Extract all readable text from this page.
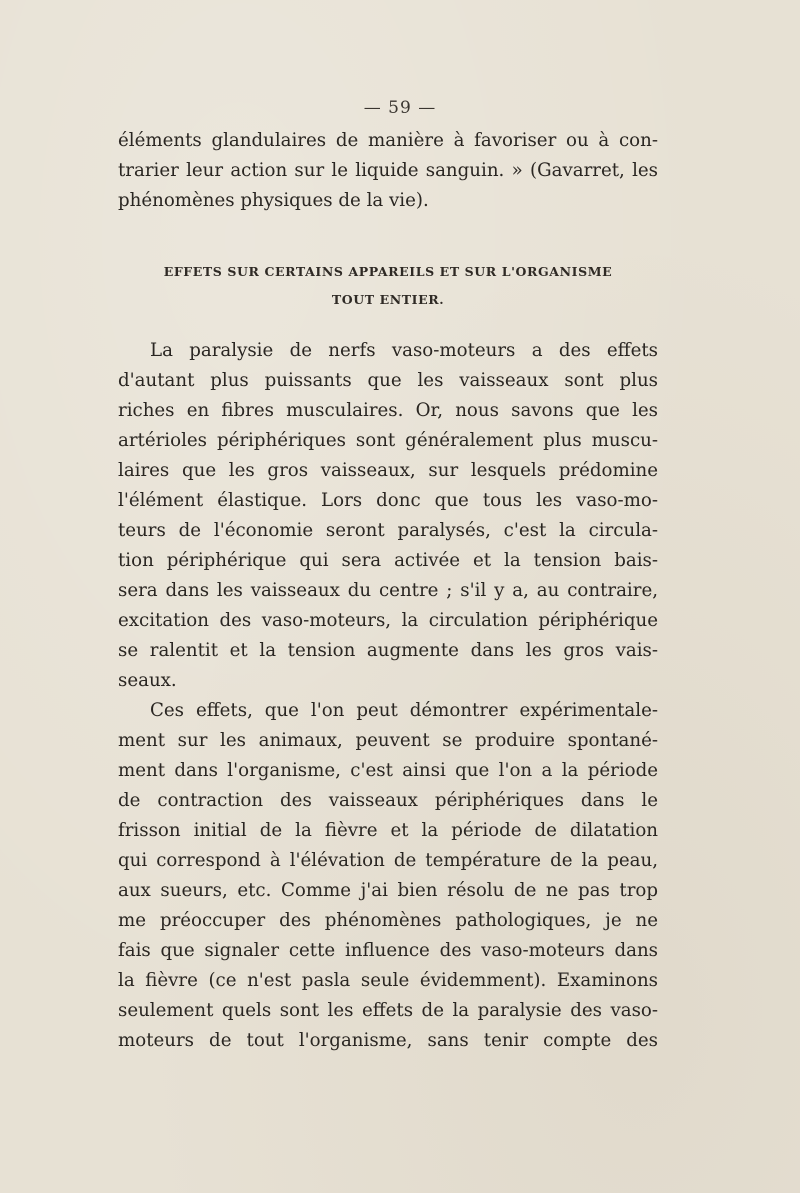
— 59 —
éléments glandulaires de manière à favoriser ou à con-
trarier leur action sur le liquide sanguin. » (Gavarret, les
phénomènes physiques de la vie).
EFFETS SUR CERTAINS APPAREILS ET SUR L'ORGANISME
TOUT ENTIER.
La paralysie de nerfs vaso-moteurs a des effets
d'autant plus puissants que les vaisseaux sont plus
riches en fibres musculaires. Or, nous savons que les
artérioles périphériques sont généralement plus muscu-
laires que les gros vaisseaux, sur lesquels prédomine
l'élément élastique. Lors donc que tous les vaso-mo-
teurs de l'économie seront paralysés, c'est la circula-
tion périphérique qui sera activée et la tension bais-
sera dans les vaisseaux du centre ; s'il y a, au contraire,
excitation des vaso-moteurs, la circulation périphérique
se ralentit et la tension augmente dans les gros vais-
seaux.
Ces effets, que l'on peut démontrer expérimentale-
ment sur les animaux, peuvent se produire spontané-
ment dans l'organisme, c'est ainsi que l'on a la période
de contraction des vaisseaux périphériques dans le
frisson initial de la fièvre et la période de dilatation
qui correspond à l'élévation de température de la peau,
aux sueurs, etc. Comme j'ai bien résolu de ne pas trop
me préoccuper des phénomènes pathologiques, je ne
fais que signaler cette influence des vaso-moteurs dans
la fièvre (ce n'est pasla seule évidemment). Examinons
seulement quels sont les effets de la paralysie des vaso-
moteurs de tout l'organisme, sans tenir compte des
